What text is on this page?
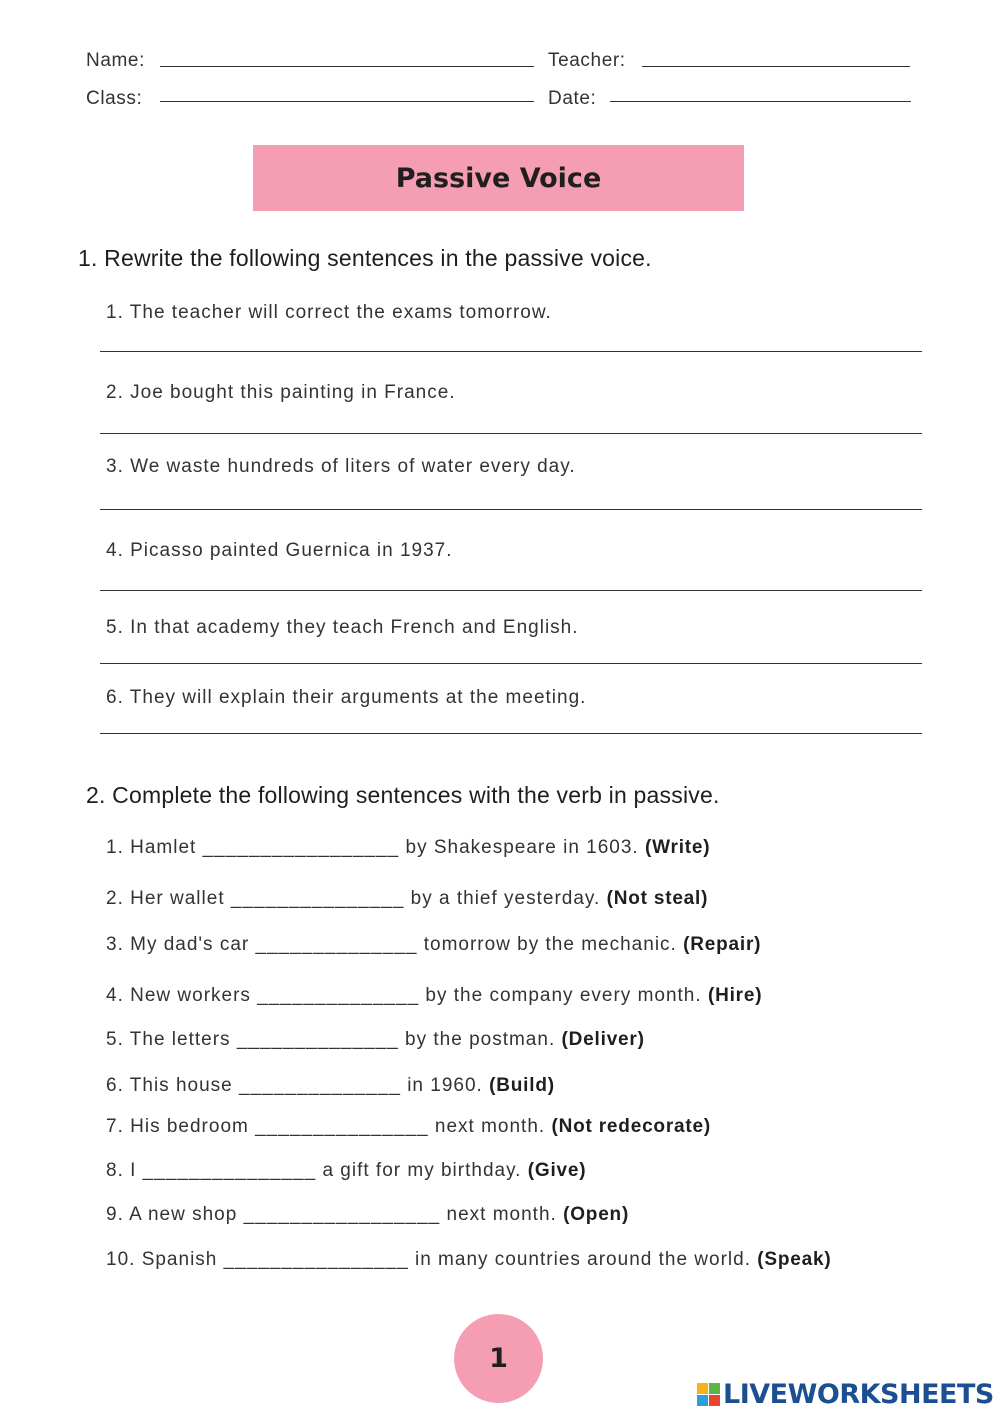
Name:	Teacher:
Class:	Date:
Passive Voice
1. Rewrite the following sentences in the passive voice.
1. The teacher will correct the exams tomorrow.
2. Joe bought this painting in France.
3. We waste hundreds of liters of water every day.
4. Picasso painted Guernica in 1937.
5. In that academy they teach French and English.
6. They will explain their arguments at the meeting.
2. Complete the following sentences with the verb in passive.
1. Hamlet _________________ by Shakespeare in 1603. (Write)
2. Her wallet _______________ by a thief yesterday. (Not steal)
3. My dad's car ______________ tomorrow by the mechanic. (Repair)
4. New workers ______________ by the company every month. (Hire)
5. The letters ______________ by the postman. (Deliver)
6. This house ______________ in 1960. (Build)
7. His bedroom _______________ next month. (Not redecorate)
8. I _______________ a gift for my birthday. (Give)
9. A new shop _________________ next month. (Open)
10. Spanish ________________ in many countries around the world. (Speak)
1
LIVEWORKSHEETS
